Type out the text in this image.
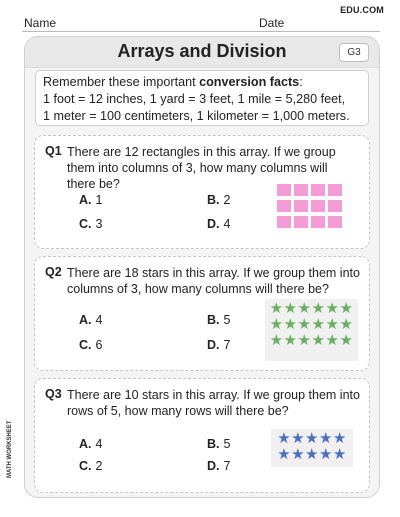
EDU.COM
Name	Date
Arrays and Division	G3
Remember these important conversion facts:
1 foot = 12 inches, 1 yard = 3 feet, 1 mile = 5,280 feet,
1 meter = 100 centimeters, 1 kilometer = 1,000 meters.
Q1 There are 12 rectangles in this array. If we group them into columns of 3, how many columns will there be?
A. 1	B. 2
C. 3	D. 4
Q2 There are 18 stars in this array. If we group them into columns of 3, how many columns will there be?
A. 4	B. 5
C. 6	D. 7
★★★★★★
★★★★★★
★★★★★★
Q3 There are 10 stars in this array. If we group them into rows of 5, how many rows will there be?
A. 4	B. 5
C. 2	D. 7
★★★★★
★★★★★
MATH WORKSHEET
